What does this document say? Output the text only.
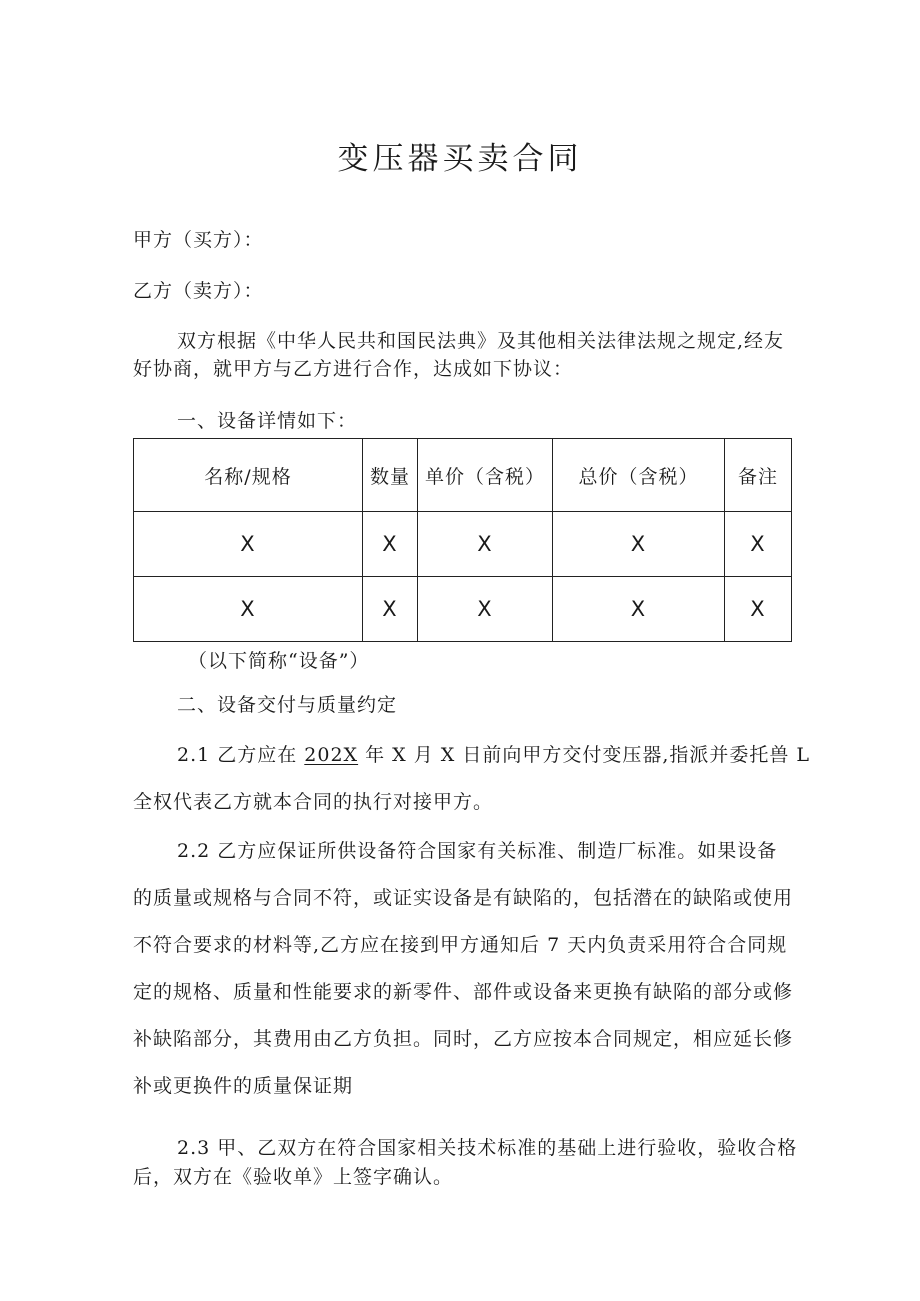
变压器买卖合同
甲方（买方）：
乙方（卖方）：
双方根据《中华人民共和国民法典》及其他相关法律法规之规定,经友
好协商，就甲方与乙方进行合作，达成如下协议：
一、设备详情如下：
名称/规格	数量	单价（含税）	总价（含税）	备注
X	X	X	X	X
X	X	X	X	X
（以下简称“设备”）
二、设备交付与质量约定
2.1 乙方应在 202X 年 X 月 X 日前向甲方交付变压器,指派并委托兽 L
全权代表乙方就本合同的执行对接甲方。
2.2 乙方应保证所供设备符合国家有关标准、制造厂标准。如果设备
的质量或规格与合同不符，或证实设备是有缺陷的，包括潜在的缺陷或使用
不符合要求的材料等,乙方应在接到甲方通知后 7 天内负责采用符合合同规
定的规格、质量和性能要求的新零件、部件或设备来更换有缺陷的部分或修
补缺陷部分，其费用由乙方负担。同时，乙方应按本合同规定，相应延长修
补或更换件的质量保证期
2.3 甲、乙双方在符合国家相关技术标准的基础上进行验收，验收合格
后，双方在《验收单》上签字确认。
